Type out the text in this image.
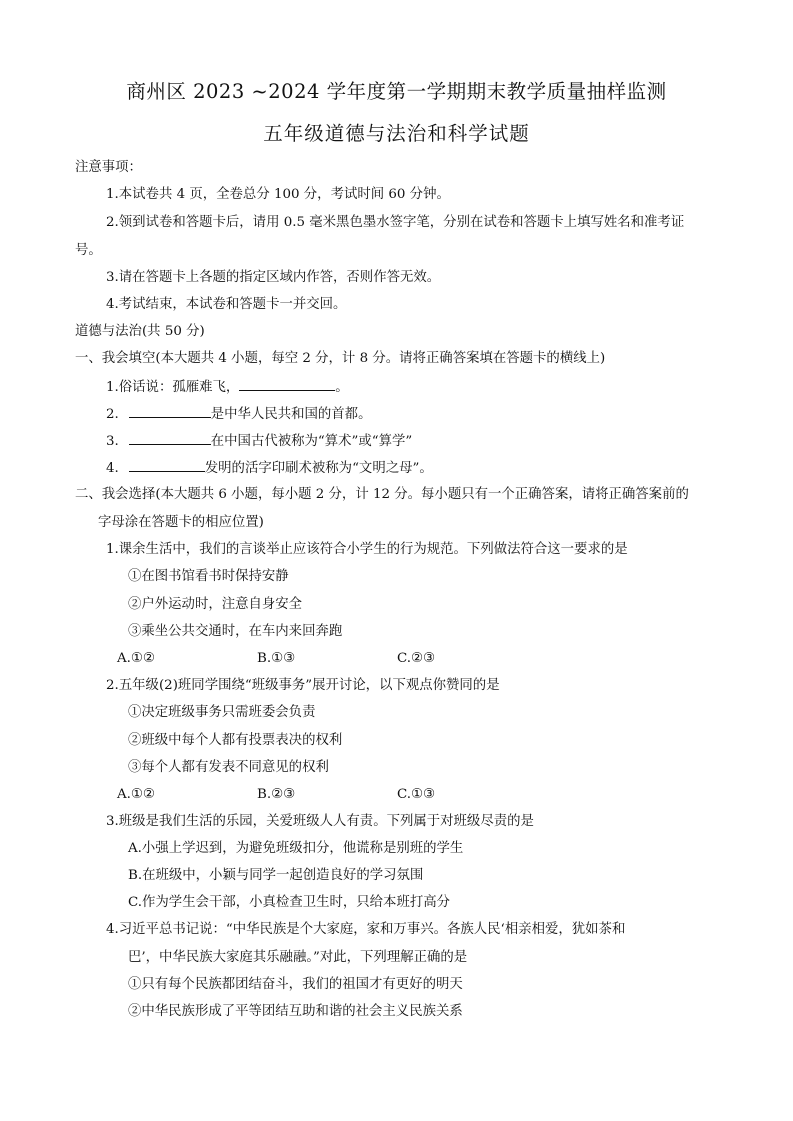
商州区 2023 ~2024 学年度第一学期期末教学质量抽样监测
五年级道德与法治和科学试题
注意事项：
1.本试卷共 4 页，全卷总分 100 分，考试时间 60 分钟。
2.领到试卷和答题卡后，请用 0.5 毫米黑色墨水签字笔，分别在试卷和答题卡上填写姓名和准考证
号。
3.请在答题卡上各题的指定区域内作答，否则作答无效。
4.考试结束，本试卷和答题卡一并交回。
道德与法治(共 50 分)
一、我会填空(本大题共 4 小题，每空 2 分，计 8 分。请将正确答案填在答题卡的横线上)
1.俗话说：孤雁难飞，	。
2.	是中华人民共和国的首都。
3.	在中国古代被称为“算术”或“算学”
4.	发明的活字印刷术被称为“文明之母”。
二、我会选择(本大题共 6 小题，每小题 2 分，计 12 分。每小题只有一个正确答案，请将正确答案前的
字母涂在答题卡的相应位置)
1.课余生活中，我们的言谈举止应该符合小学生的行为规范。下列做法符合这一要求的是
①在图书馆看书时保持安静
②户外运动时，注意自身安全
③乘坐公共交通时，在车内来回奔跑
A.①②	B.①③	C.②③
2.五年级(2)班同学围绕“班级事务”展开讨论，以下观点你赞同的是
①决定班级事务只需班委会负责
②班级中每个人都有投票表决的权利
③每个人都有发表不同意见的权利
A.①②	B.②③	C.①③
3.班级是我们生活的乐园，关爱班级人人有责。下列属于对班级尽责的是
A.小强上学迟到，为避免班级扣分，他谎称是别班的学生
B.在班级中，小颖与同学一起创造良好的学习氛围
C.作为学生会干部，小真检查卫生时，只给本班打高分
4.习近平总书记说：“中华民族是个大家庭，家和万事兴。各族人民‘相亲相爱，犹如茶和
巴’，中华民族大家庭其乐融融。”对此，下列理解正确的是
①只有每个民族都团结奋斗，我们的祖国才有更好的明天
②中华民族形成了平等团结互助和谐的社会主义民族关系
